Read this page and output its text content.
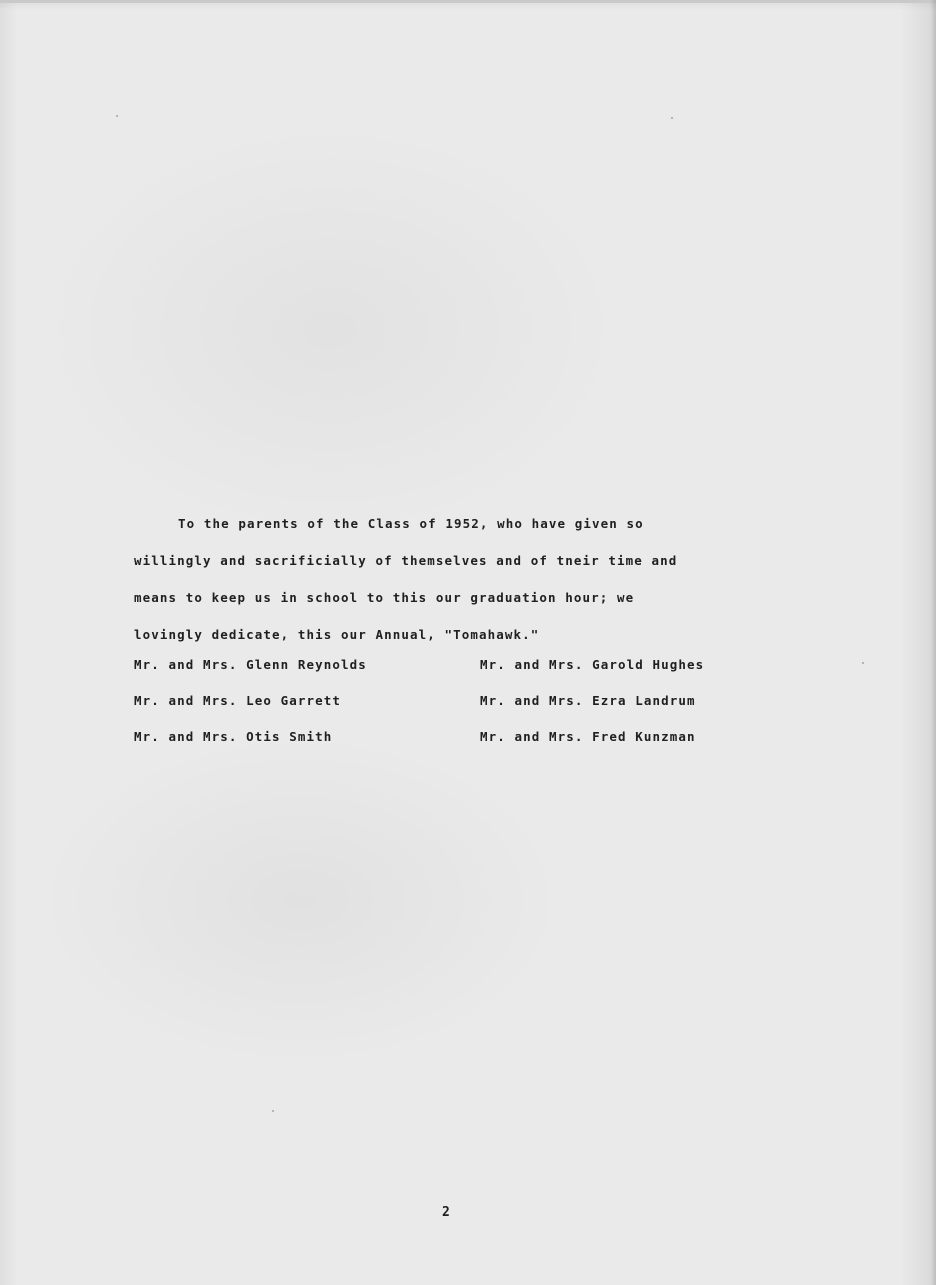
To the parents of the Class of 1952, who have given so

willingly and sacrificially of themselves and of tneir time and

means to keep us in school to this our graduation hour; we

lovingly dedicate, this our Annual, "Tomahawk."

Mr. and Mrs. Glenn Reynolds	Mr. and Mrs. Garold Hughes
Mr. and Mrs. Leo Garrett	Mr. and Mrs. Ezra Landrum
Mr. and Mrs. Otis Smith	Mr. and Mrs. Fred Kunzman
2
